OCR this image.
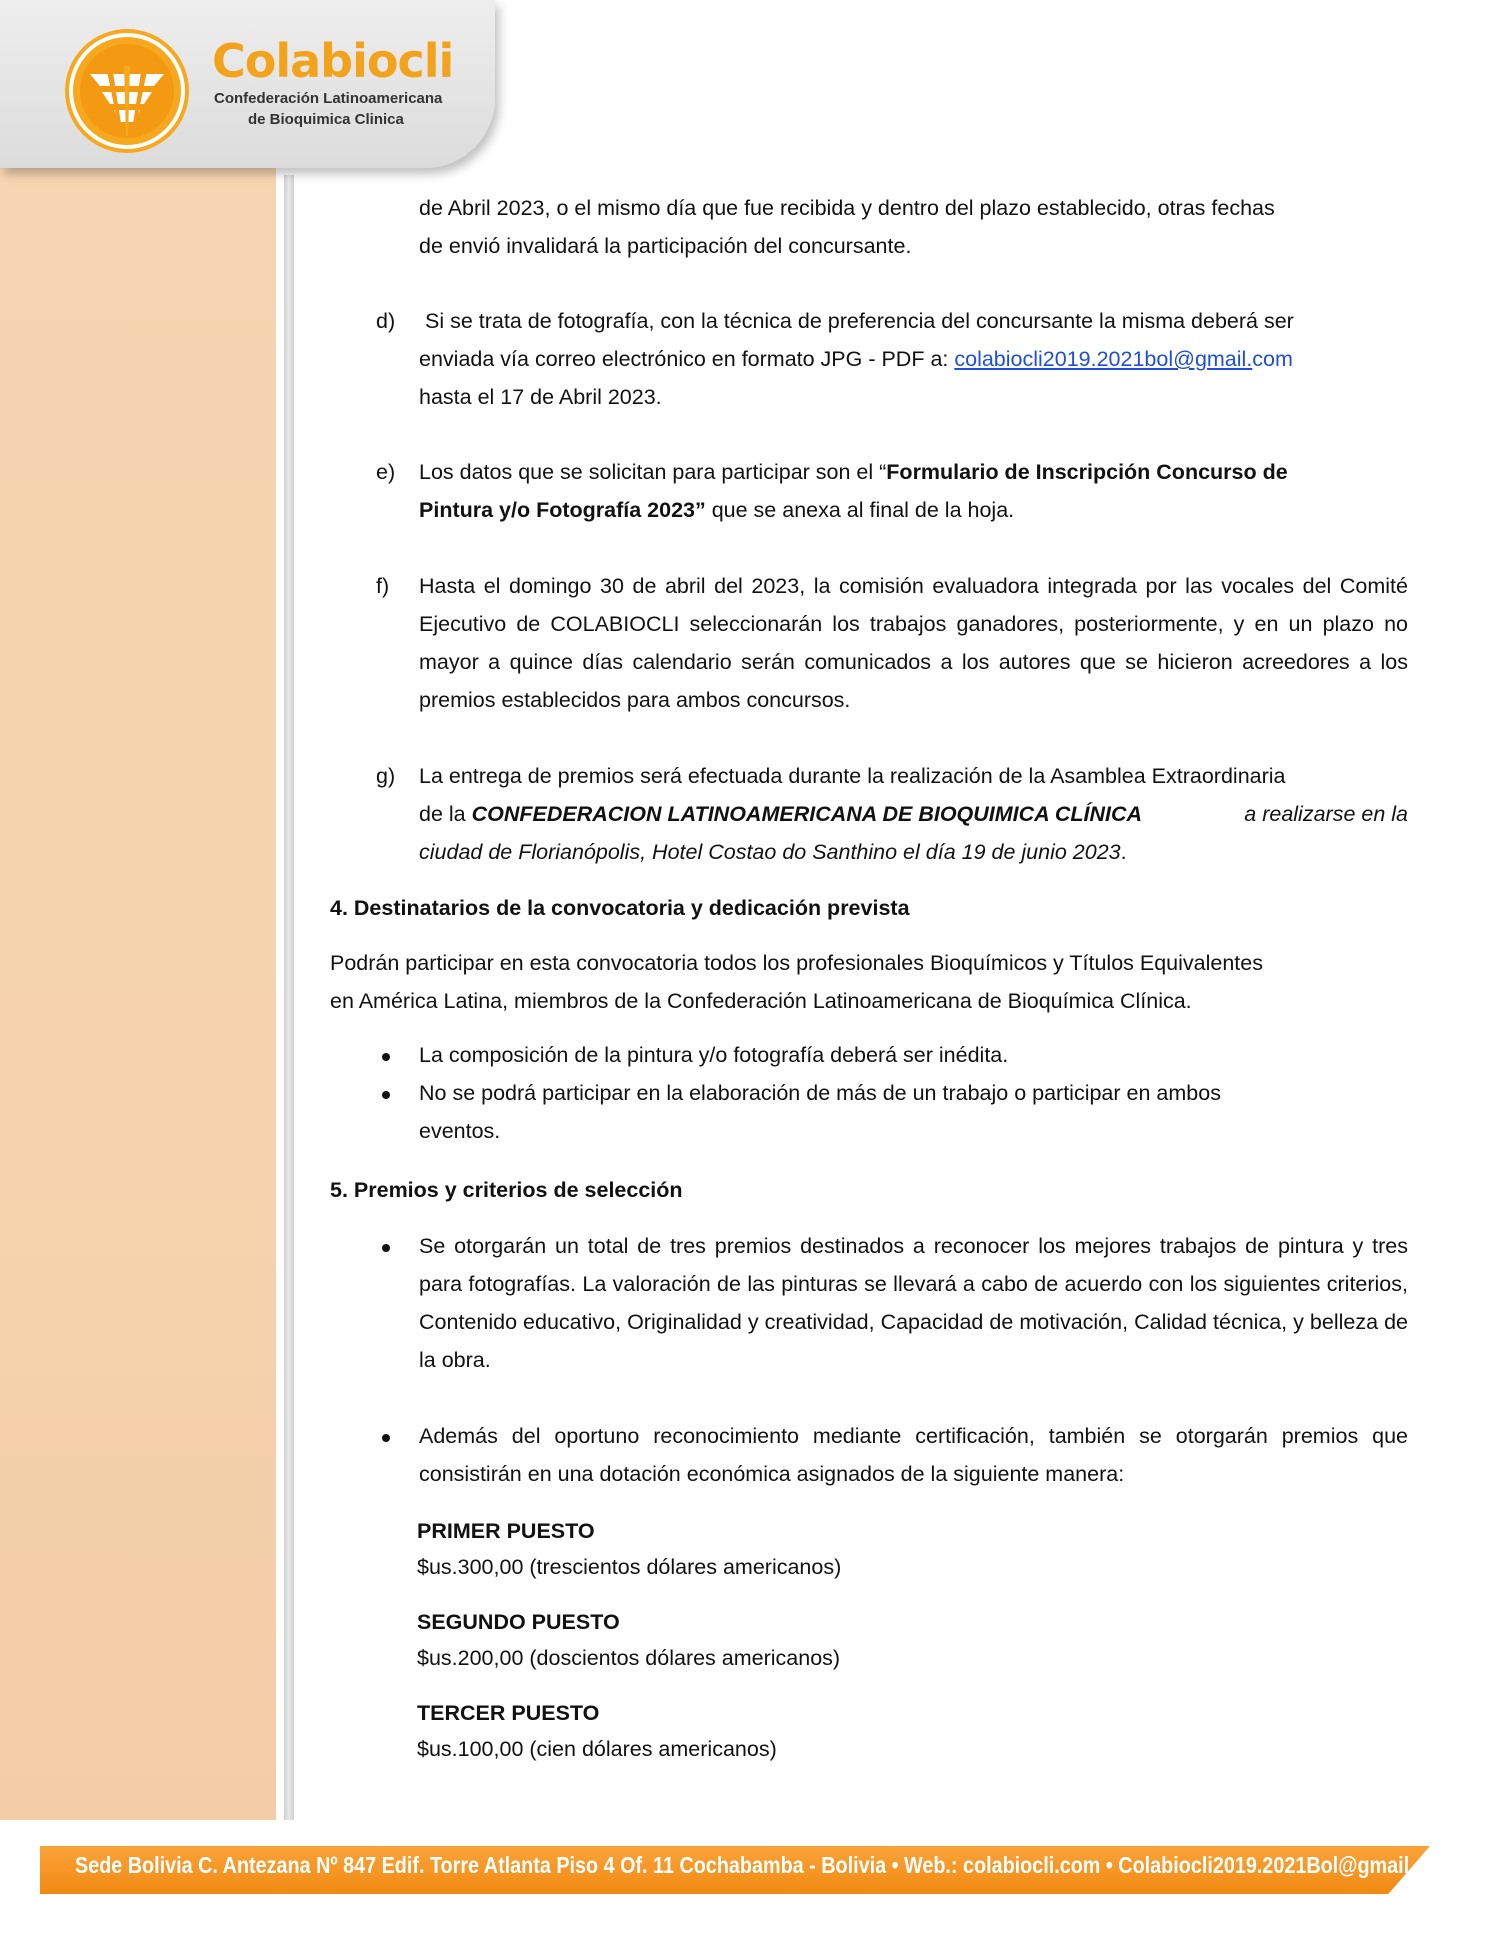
Colabiocli
Confederación Latinoamericana
de Bioquimica Clinica
de Abril 2023, o el mismo día que fue recibida y dentro del plazo establecido, otras fechas
de envió invalidará la participación del concursante.
d) Si se trata de fotografía, con la técnica de preferencia del concursante la misma deberá ser
enviada vía correo electrónico en formato JPG - PDF a: colabiocli2019.2021bol@gmail.com
hasta el 17 de Abril 2023.
e) Los datos que se solicitan para participar son el “Formulario de Inscripción Concurso de
Pintura y/o Fotografía 2023” que se anexa al final de la hoja.
f) Hasta el domingo 30 de abril del 2023, la comisión evaluadora integrada por las vocales del Comité Ejecutivo de COLABIOCLI seleccionarán los trabajos ganadores, posteriormente, y en un plazo no mayor a quince días calendario serán comunicados a los autores que se hicieron acreedores a los premios establecidos para ambos concursos.
g) La entrega de premios será efectuada durante la realización de la Asamblea Extraordinaria
de la CONFEDERACION LATINOAMERICANA DE BIOQUIMICA CLÍNICA	a realizarse en la
ciudad de Florianópolis, Hotel Costao do Santhino el día 19 de junio 2023.
4. Destinatarios de la convocatoria y dedicación prevista
Podrán participar en esta convocatoria todos los profesionales Bioquímicos y Títulos Equivalentes
en América Latina, miembros de la Confederación Latinoamericana de Bioquímica Clínica.
La composición de la pintura y/o fotografía deberá ser inédita.
No se podrá participar en la elaboración de más de un trabajo o participar en ambos
eventos.
5. Premios y criterios de selección
Se otorgarán un total de tres premios destinados a reconocer los mejores trabajos de pintura y tres para fotografías. La valoración de las pinturas se llevará a cabo de acuerdo con los siguientes criterios, Contenido educativo, Originalidad y creatividad, Capacidad de motivación, Calidad técnica, y belleza de la obra.
Además del oportuno reconocimiento mediante certificación, también se otorgarán premios que consistirán en una dotación económica asignados de la siguiente manera:
PRIMER PUESTO
$us.300,00 (trescientos dólares americanos)
SEGUNDO PUESTO
$us.200,00 (doscientos dólares americanos)
TERCER PUESTO
$us.100,00 (cien dólares americanos)
Sede Bolivia C. Antezana Nº 847 Edif. Torre Atlanta Piso 4 Of. 11 Cochabamba - Bolivia • Web.: colabiocli.com • Colabiocli2019.2021Bol@gmail.com
